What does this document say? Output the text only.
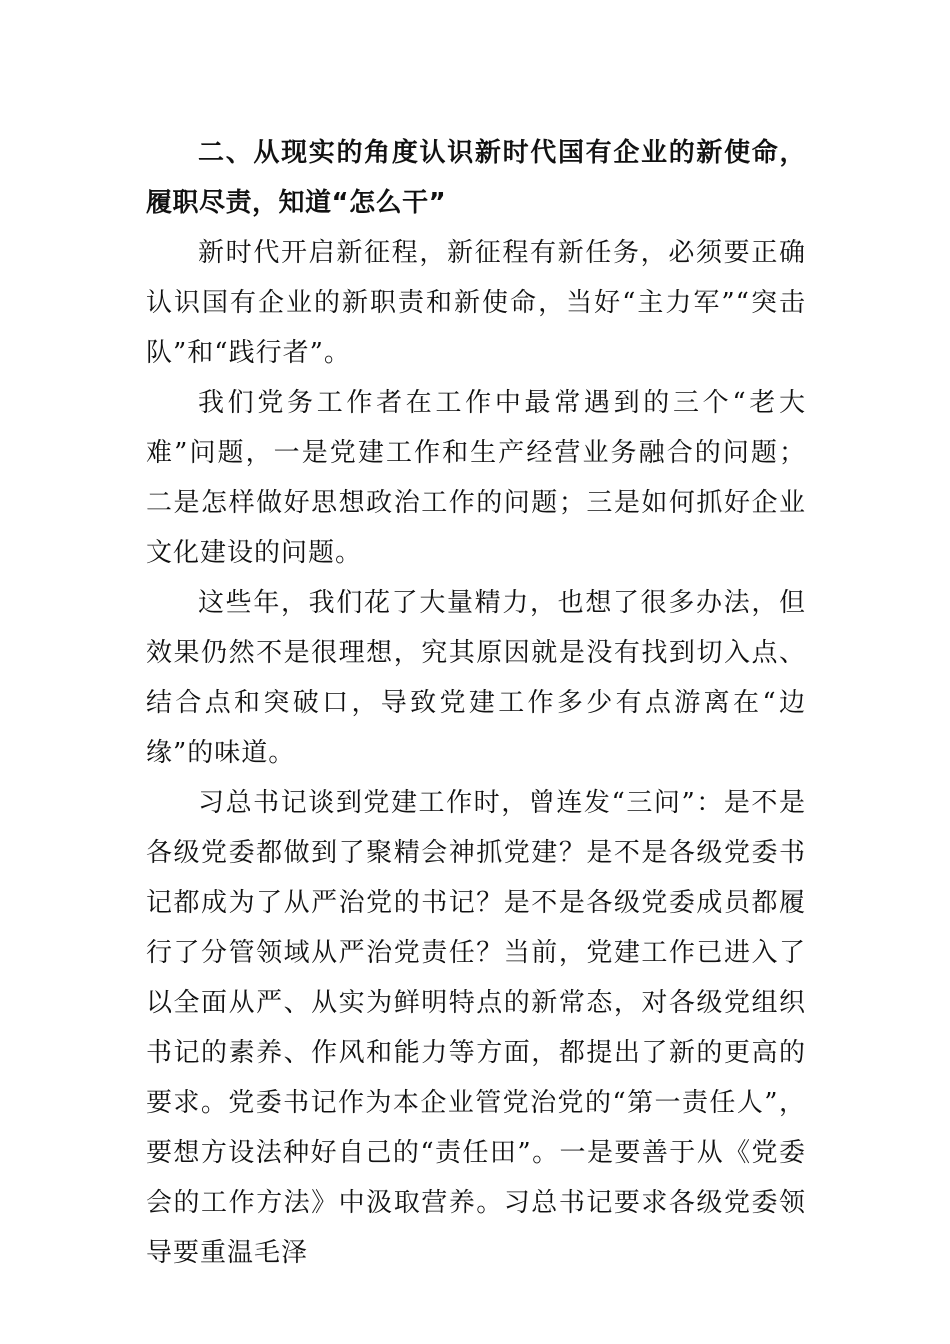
二、从现实的角度认识新时代国有企业的新使命，履职尽责，知道“怎么干”

新时代开启新征程，新征程有新任务，必须要正确认识国有企业的新职责和新使命，当好“主力军”“突击队”和“践行者”。

我们党务工作者在工作中最常遇到的三个“老大难”问题，一是党建工作和生产经营业务融合的问题；二是怎样做好思想政治工作的问题；三是如何抓好企业文化建设的问题。

这些年，我们花了大量精力，也想了很多办法，但效果仍然不是很理想，究其原因就是没有找到切入点、结合点和突破口，导致党建工作多少有点游离在“边缘”的味道。

习总书记谈到党建工作时，曾连发“三问”：是不是各级党委都做到了聚精会神抓党建？是不是各级党委书记都成为了从严治党的书记？是不是各级党委成员都履行了分管领域从严治党责任？当前，党建工作已进入了以全面从严、从实为鲜明特点的新常态，对各级党组织书记的素养、作风和能力等方面，都提出了新的更高的要求。党委书记作为本企业管党治党的“第一责任人”，要想方设法种好自己的“责任田”。一是要善于从《党委会的工作方法》中汲取营养。习总书记要求各级党委领导要重温毛泽
